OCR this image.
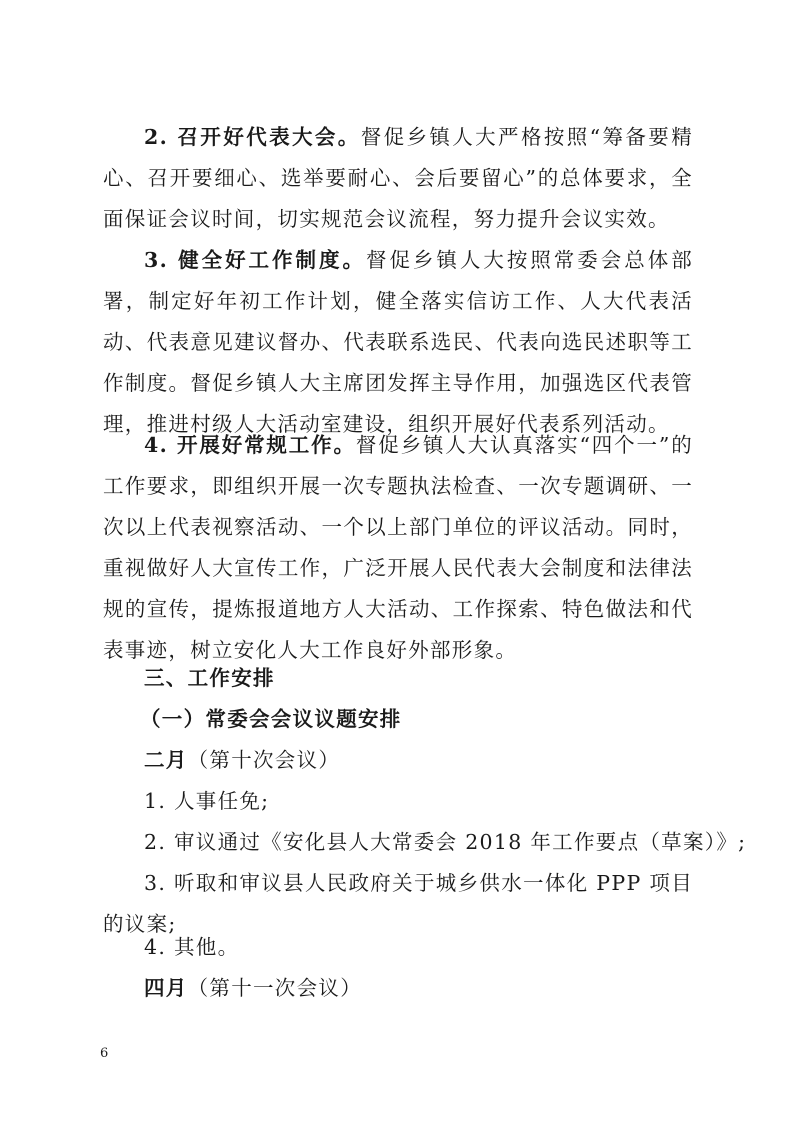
2. 召开好代表大会。督促乡镇人大严格按照“筹备要精心、召开要细心、选举要耐心、会后要留心”的总体要求，全面保证会议时间，切实规范会议流程，努力提升会议实效。

3. 健全好工作制度。督促乡镇人大按照常委会总体部署，制定好年初工作计划，健全落实信访工作、人大代表活动、代表意见建议督办、代表联系选民、代表向选民述职等工作制度。督促乡镇人大主席团发挥主导作用，加强选区代表管理，推进村级人大活动室建设，组织开展好代表系列活动。

4. 开展好常规工作。督促乡镇人大认真落实“四个一”的工作要求，即组织开展一次专题执法检查、一次专题调研、一次以上代表视察活动、一个以上部门单位的评议活动。同时，重视做好人大宣传工作，广泛开展人民代表大会制度和法律法规的宣传，提炼报道地方人大活动、工作探索、特色做法和代表事迹，树立安化人大工作良好外部形象。

三、工作安排

（一）常委会会议议题安排

二月（第十次会议）

1. 人事任免;

2. 审议通过《安化县人大常委会 2018 年工作要点（草案）》;

3. 听取和审议县人民政府关于城乡供水一体化 PPP 项目的议案;

4. 其他。

四月（第十一次会议）

6
